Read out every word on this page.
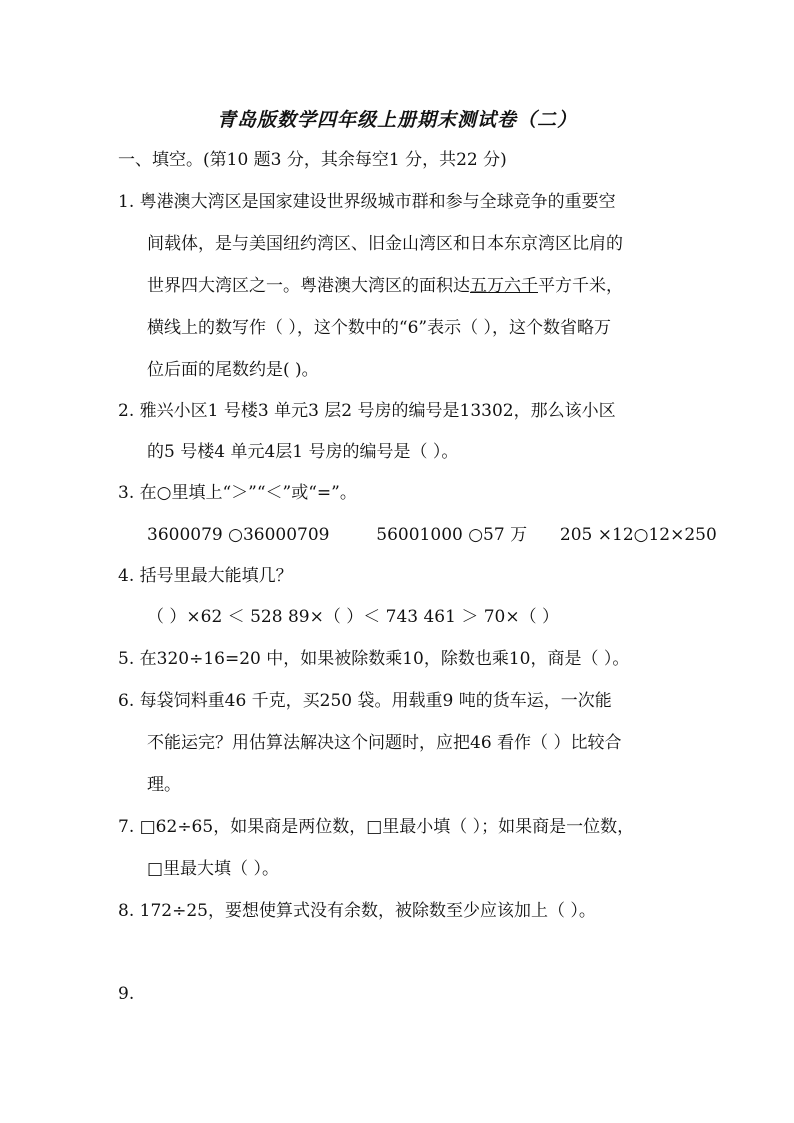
青岛版数学四年级上册期末测试卷（二）
一、填空。(第10 题3 分，其余每空1 分，共22 分)
1. 粤港澳大湾区是国家建设世界级城市群和参与全球竞争的重要空
间载体，是与美国纽约湾区、旧金山湾区和日本东京湾区比肩的
世界四大湾区之一。粤港澳大湾区的面积达五万六千平方千米，
横线上的数写作（ ），这个数中的“6”表示（ ），这个数省略万
位后面的尾数约是( )。
2. 雅兴小区1 号楼3 单元3 层2 号房的编号是13302，那么该小区
的5 号楼4 单元4层1 号房的编号是（ ）。
3. 在○里填上“＞”“＜”或“=”。
3600079 ○36000709	56001000 ○57 万 205 ×12○12×250
4. 括号里最大能填几？
（ ）×62 ＜ 528 89×（ ）＜ 743 461 ＞ 70×（ ）
5. 在320÷16=20 中，如果被除数乘10，除数也乘10，商是（ ）。
6. 每袋饲料重46 千克，买250 袋。用载重9 吨的货车运，一次能
不能运完？用估算法解决这个问题时，应把46 看作（ ）比较合
理。
7. □62÷65，如果商是两位数，□里最小填（ ）；如果商是一位数，
□里最大填（ ）。
8. 172÷25，要想使算式没有余数，被除数至少应该加上（ ）。
9.
